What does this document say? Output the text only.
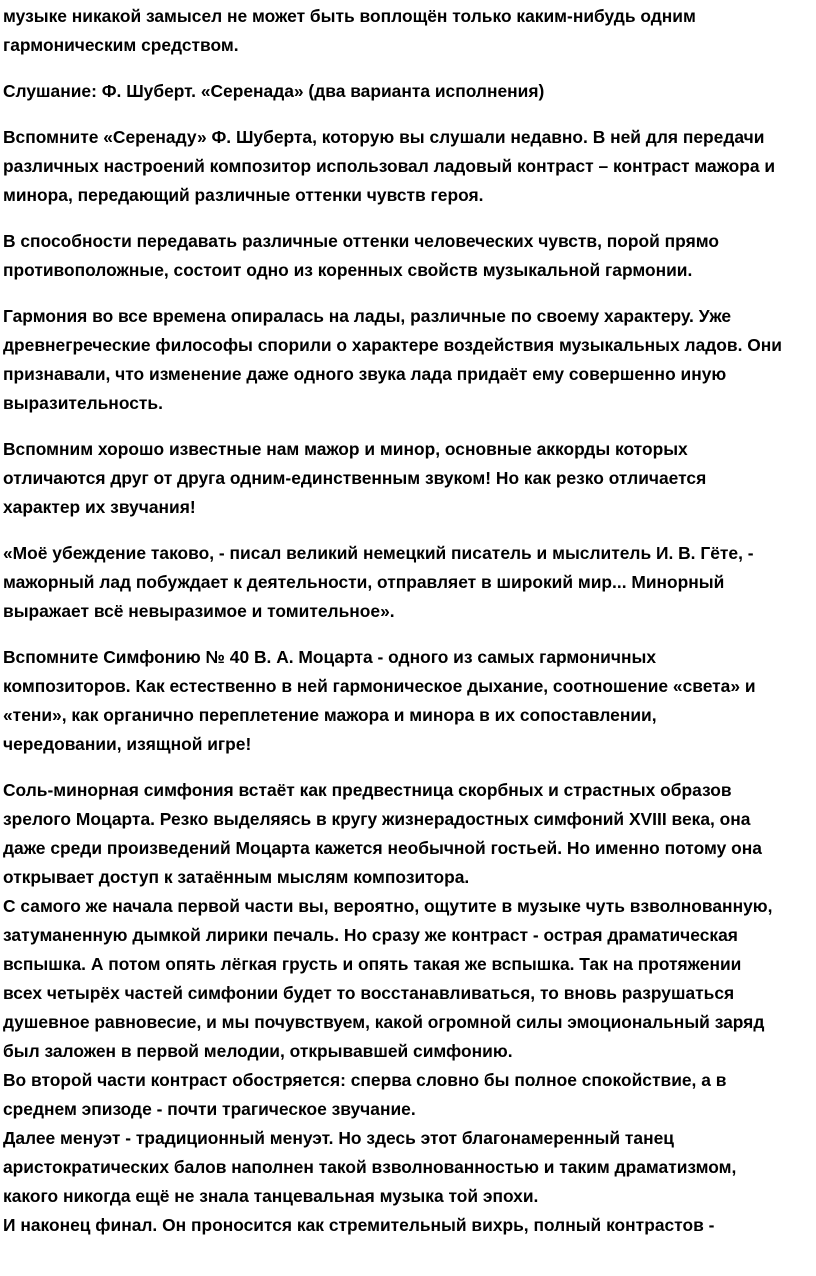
музыке никакой замысел не может быть воплощён только каким-нибудь одним
гармоническим средством.

Слушание: Ф. Шуберт. «Серенада» (два варианта исполнения)

Вспомните «Серенаду» Ф. Шуберта, которую вы слушали недавно. В ней для передачи
различных настроений композитор использовал ладовый контраст – контраст мажора и
минора, передающий различные оттенки чувств героя.

В способности передавать различные оттенки человеческих чувств, порой прямо
противоположные, состоит одно из коренных свойств музыкальной гармонии.

Гармония во все времена опиралась на лады, различные по своему характеру. Уже
древнегреческие философы спорили о характере воздействия музыкальных ладов. Они
признавали, что изменение даже одного звука лада придаёт ему совершенно иную
выразительность.

Вспомним хорошо известные нам мажор и минор, основные аккорды которых
отличаются друг от друга одним-единственным звуком! Но как резко отличается
характер их звучания!

«Моё убеждение таково, - писал великий немецкий писатель и мыслитель И. В. Гёте, -
мажорный лад побуждает к деятельности, отправляет в широкий мир... Минорный
выражает всё невыразимое и томительное».

Вспомните Симфонию № 40 В. А. Моцарта - одного из самых гармоничных
композиторов. Как естественно в ней гармоническое дыхание, соотношение «света» и
«тени», как органично переплетение мажора и минора в их сопоставлении,
чередовании, изящной игре!

Соль-минорная симфония встаёт как предвестница скорбных и страстных образов
зрелого Моцарта. Резко выделяясь в кругу жизнерадостных симфоний XVIII века, она
даже среди произведений Моцарта кажется необычной гостьей. Но именно потому она
открывает доступ к затаённым мыслям композитора.
С самого же начала первой части вы, вероятно, ощутите в музыке чуть взволнованную,
затуманенную дымкой лирики печаль. Но сразу же контраст - острая драматическая
вспышка. А потом опять лёгкая грусть и опять такая же вспышка. Так на протяжении
всех четырёх частей симфонии будет то восстанавливаться, то вновь разрушаться
душевное равновесие, и мы почувствуем, какой огромной силы эмоциональный заряд
был заложен в первой мелодии, открывавшей симфонию.
Во второй части контраст обостряется: сперва словно бы полное спокойствие, а в
среднем эпизоде - почти трагическое звучание.
Далее менуэт - традиционный менуэт. Но здесь этот благонамеренный танец
аристократических балов наполнен такой взволнованностью и таким драматизмом,
какого никогда ещё не знала танцевальная музыка той эпохи.
И наконец финал. Он проносится как стремительный вихрь, полный контрастов -
